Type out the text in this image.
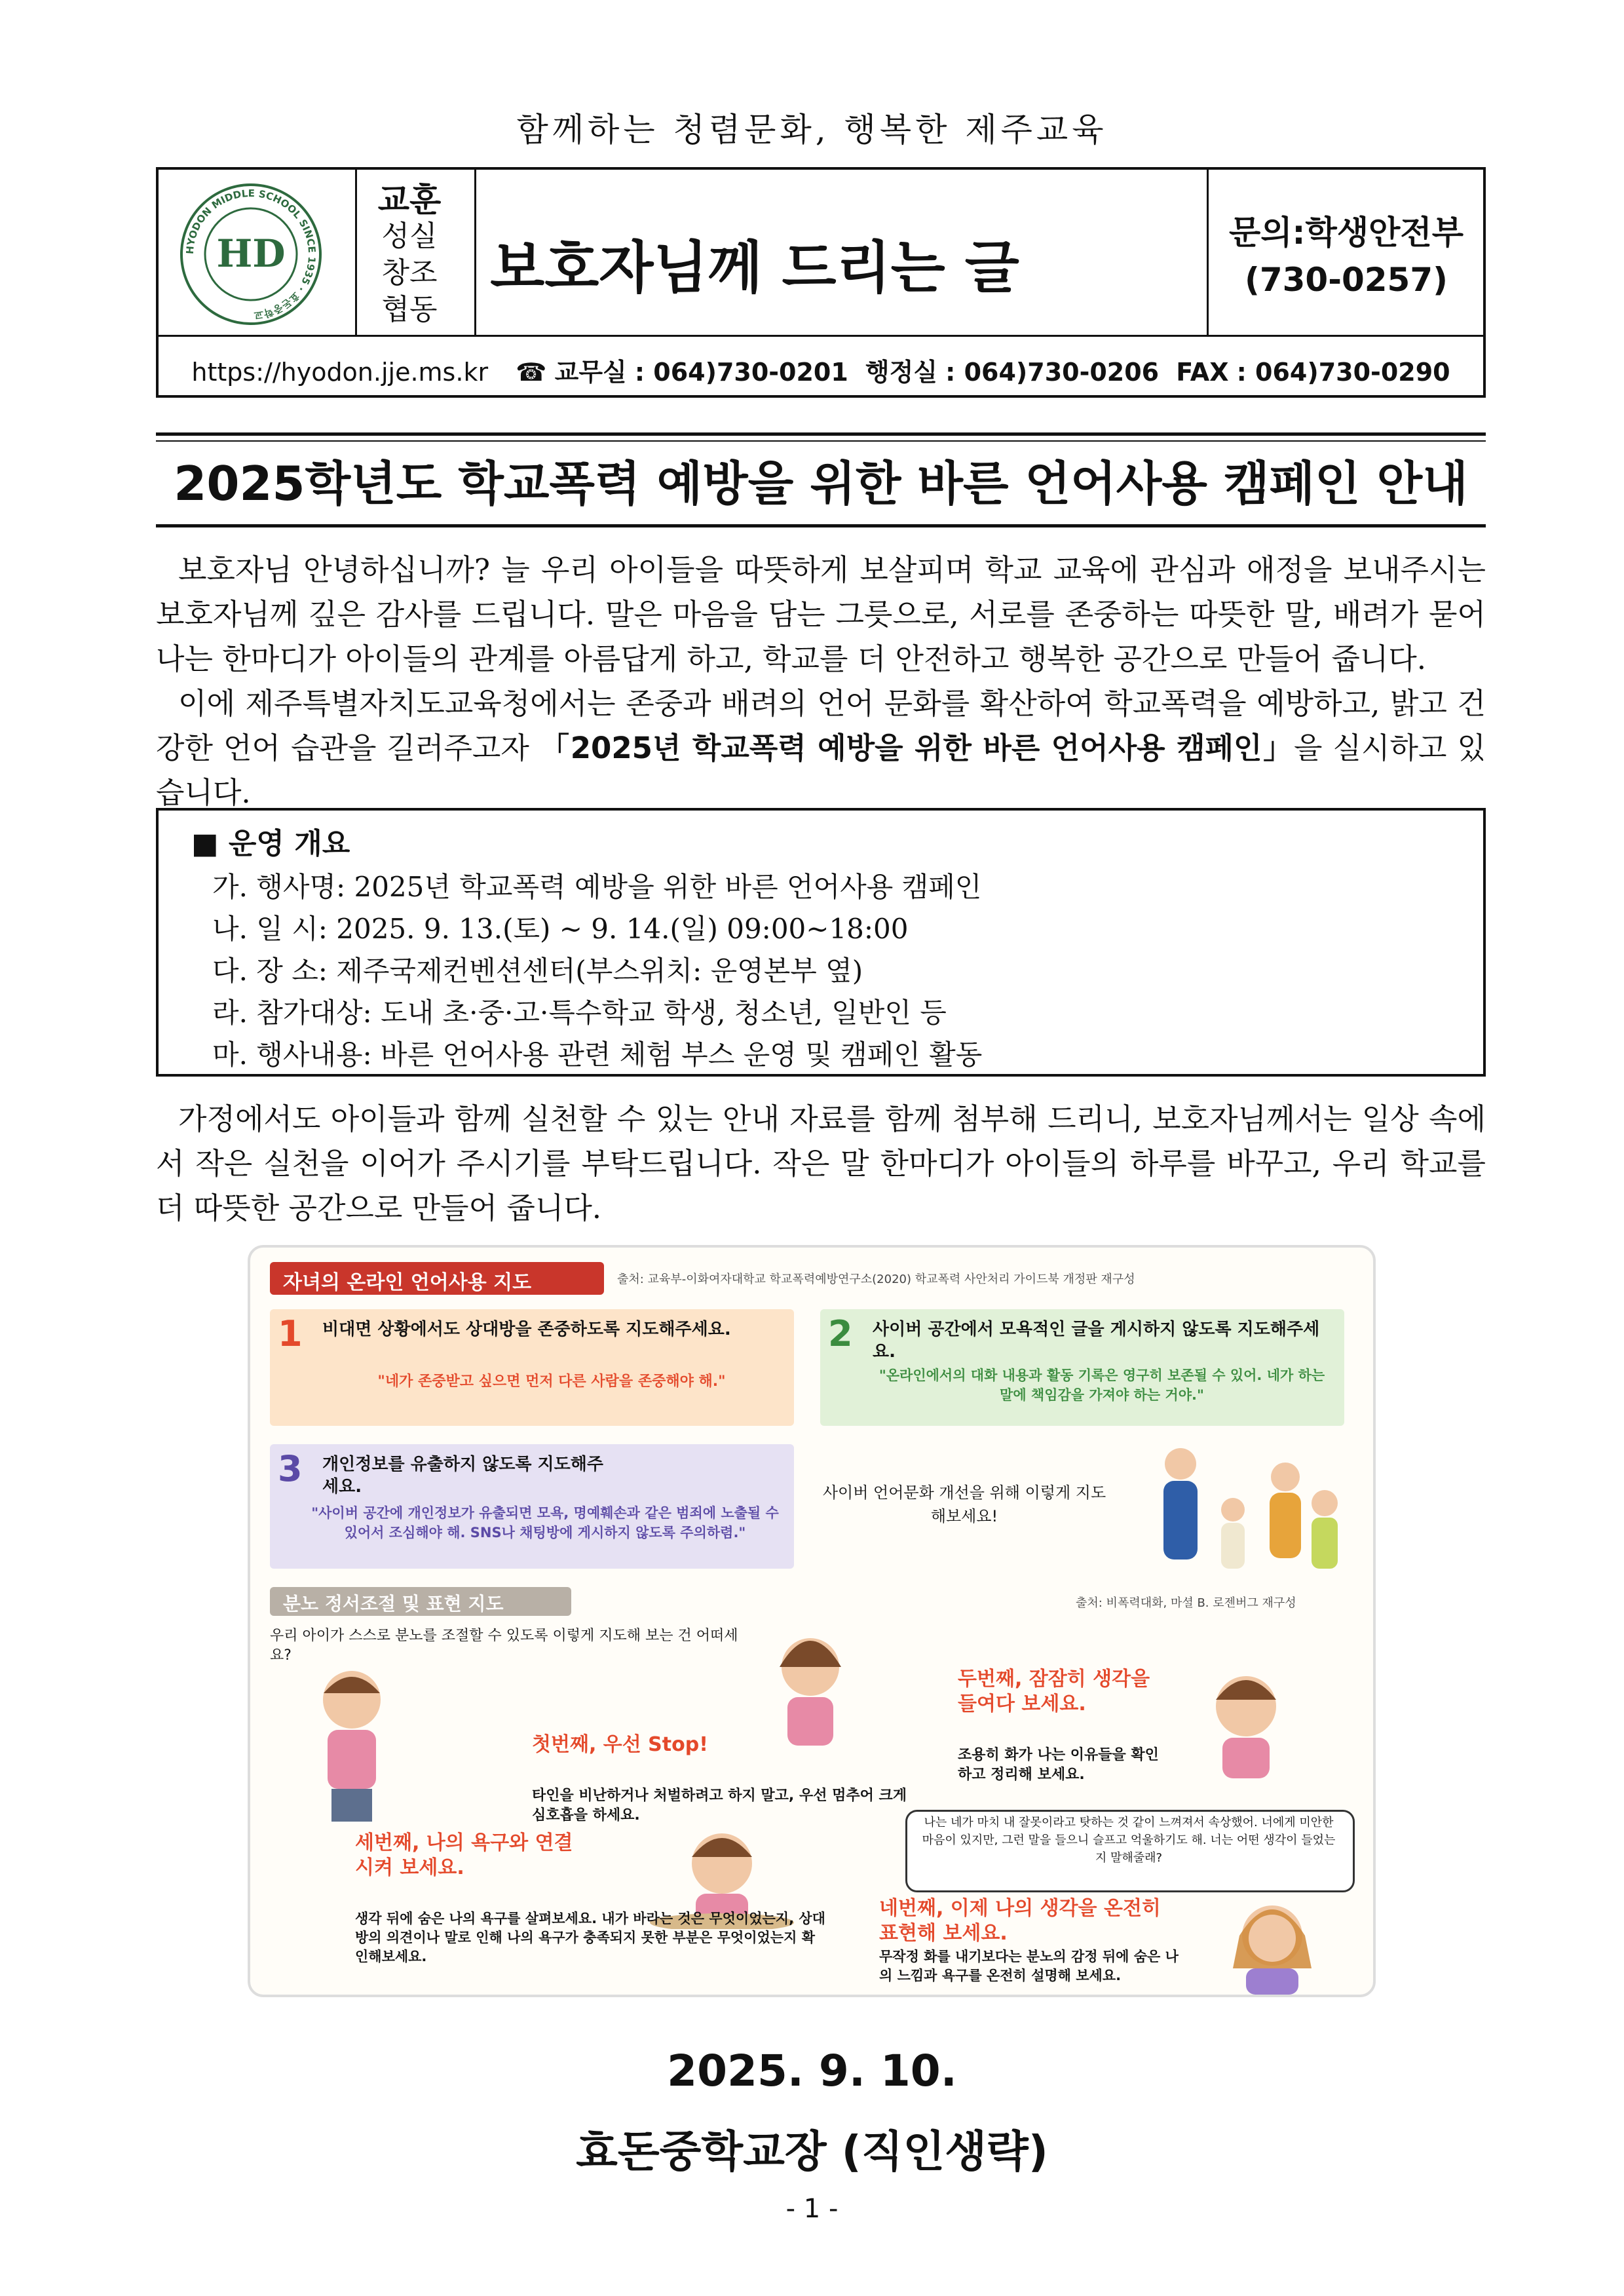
함께하는 청렴문화, 행복한 제주교육
HYODON MIDDLE SCHOOL SINCE 1935 · 효돈중학교
HD
교훈
성실
창조
협동
보호자님께 드리는 글
문의:학생안전부
(730-0257)
https://hyodon.jje.ms.kr ☎ 교무실 : 064)730-0201 행정실 : 064)730-0206 FAX : 064)730-0290
2025학년도 학교폭력 예방을 위한 바른 언어사용 캠페인 안내
보호자님 안녕하십니까? 늘 우리 아이들을 따뜻하게 보살피며 학교 교육에 관심과 애정을 보내주시는 보호자님께 깊은 감사를 드립니다. 말은 마음을 담는 그릇으로, 서로를 존중하는 따뜻한 말, 배려가 묻어나는 한마디가 아이들의 관계를 아름답게 하고, 학교를 더 안전하고 행복한 공간으로 만들어 줍니다.
이에 제주특별자치도교육청에서는 존중과 배려의 언어 문화를 확산하여 학교폭력을 예방하고, 밝고 건강한 언어 습관을 길러주고자 「2025년 학교폭력 예방을 위한 바른 언어사용 캠페인」을 실시하고 있습니다.
■ 운영 개요
가. 행사명: 2025년 학교폭력 예방을 위한 바른 언어사용 캠페인
나. 일 시: 2025. 9. 13.(토) ~ 9. 14.(일) 09:00~18:00
다. 장 소: 제주국제컨벤션센터(부스위치: 운영본부 옆)
라. 참가대상: 도내 초·중·고·특수학교 학생, 청소년, 일반인 등
마. 행사내용: 바른 언어사용 관련 체험 부스 운영 및 캠페인 활동
가정에서도 아이들과 함께 실천할 수 있는 안내 자료를 함께 첨부해 드리니, 보호자님께서는 일상 속에서 작은 실천을 이어가 주시기를 부탁드립니다. 작은 말 한마디가 아이들의 하루를 바꾸고, 우리 학교를 더 따뜻한 공간으로 만들어 줍니다.
자녀의 온라인 언어사용 지도	출처: 교육부-이화여자대학교 학교폭력예방연구소(2020) 학교폭력 사안처리 가이드북 개정판 재구성
1 비대면 상황에서도 상대방을 존중하도록 지도해주세요.
"네가 존중받고 싶으면 먼저 다른 사람을 존중해야 해."
2 사이버 공간에서 모욕적인 글을 게시하지 않도록 지도해주세요.
"온라인에서의 대화 내용과 활동 기록은 영구히 보존될 수 있어. 네가 하는 말에 책임감을 가져야 하는 거야."
3 개인정보를 유출하지 않도록 지도해주세요.
"사이버 공간에 개인정보가 유출되면 모욕, 명예훼손과 같은 범죄에 노출될 수 있어서 조심해야 해. SNS나 채팅방에 게시하지 않도록 주의하렴."
사이버 언어문화 개선을 위해 이렇게 지도해보세요!
분노 정서조절 및 표현 지도	출처: 비폭력대화, 마셜 B. 로젠버그 재구성
우리 아이가 스스로 분노를 조절할 수 있도록 이렇게 지도해 보는 건 어떠세요?
첫번째, 우선 Stop!
타인을 비난하거나 처벌하려고 하지 말고, 우선 멈추어 크게 심호흡을 하세요.
두번째, 잠잠히 생각을 들여다 보세요.
조용히 화가 나는 이유들을 확인하고 정리해 보세요.
나는 네가 마치 내 잘못이라고 탓하는 것 같이 느껴져서 속상했어. 너에게 미안한 마음이 있지만, 그런 말을 들으니 슬프고 억울하기도 해. 너는 어떤 생각이 들었는지 말해줄래?
세번째, 나의 욕구와 연결시켜 보세요.
생각 뒤에 숨은 나의 욕구를 살펴보세요. 내가 바라는 것은 무엇이었는지, 상대방의 의견이나 말로 인해 나의 욕구가 충족되지 못한 부분은 무엇이었는지 확인해보세요.
네번째, 이제 나의 생각을 온전히 표현해 보세요.
무작정 화를 내기보다는 분노의 감정 뒤에 숨은 나의 느낌과 욕구를 온전히 설명해 보세요.
2025. 9. 10.
효돈중학교장 (직인생략)
- 1 -
